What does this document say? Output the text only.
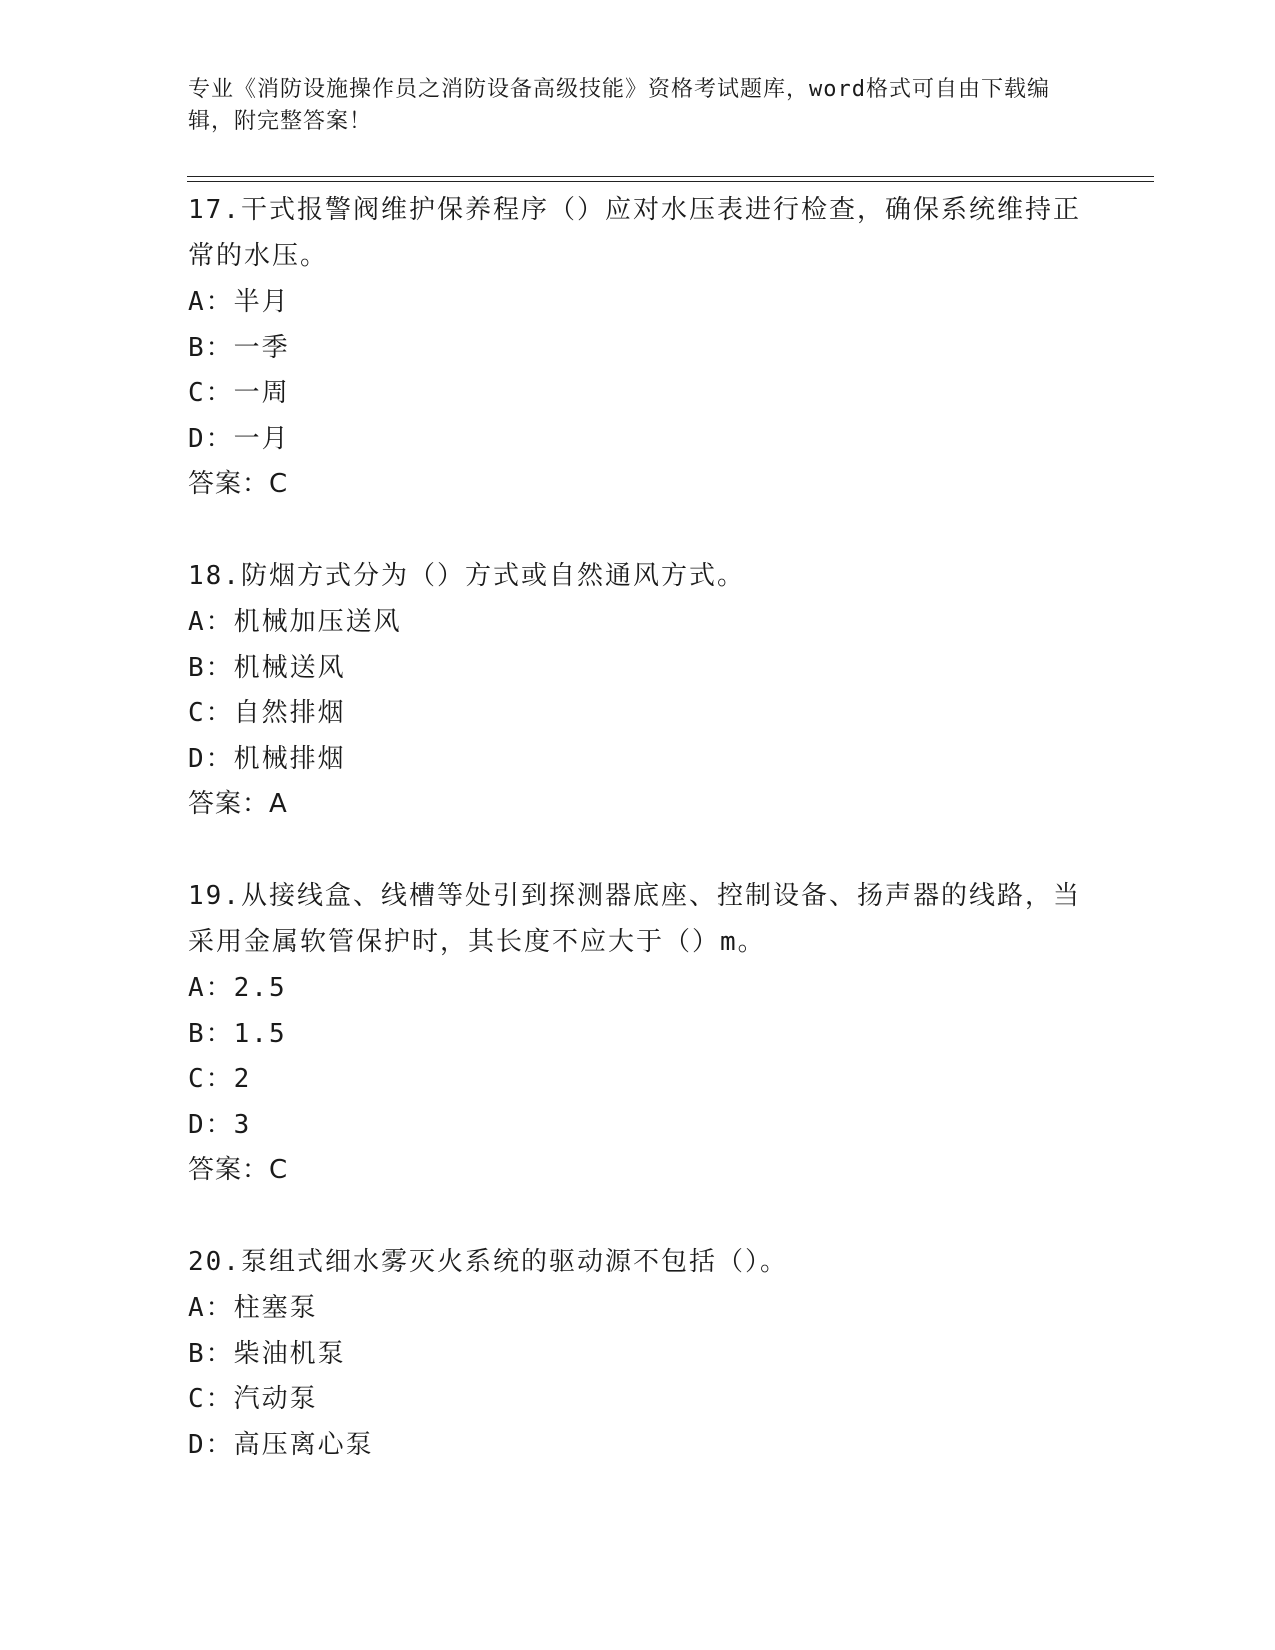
专业《消防设施操作员之消防设备高级技能》资格考试题库，word格式可自由下载编辑，附完整答案！
17.干式报警阀维护保养程序（）应对水压表进行检查，确保系统维持正常的水压。
A：半月
B：一季
C：一周
D：一月
答案：C
18.防烟方式分为（）方式或自然通风方式。
A：机械加压送风
B：机械送风
C：自然排烟
D：机械排烟
答案：A
19.从接线盒、线槽等处引到探测器底座、控制设备、扬声器的线路，当采用金属软管保护时，其长度不应大于（）m。
A：2.5
B：1.5
C：2
D：3
答案：C
20.泵组式细水雾灭火系统的驱动源不包括（）。
A：柱塞泵
B：柴油机泵
C：汽动泵
D：高压离心泵
